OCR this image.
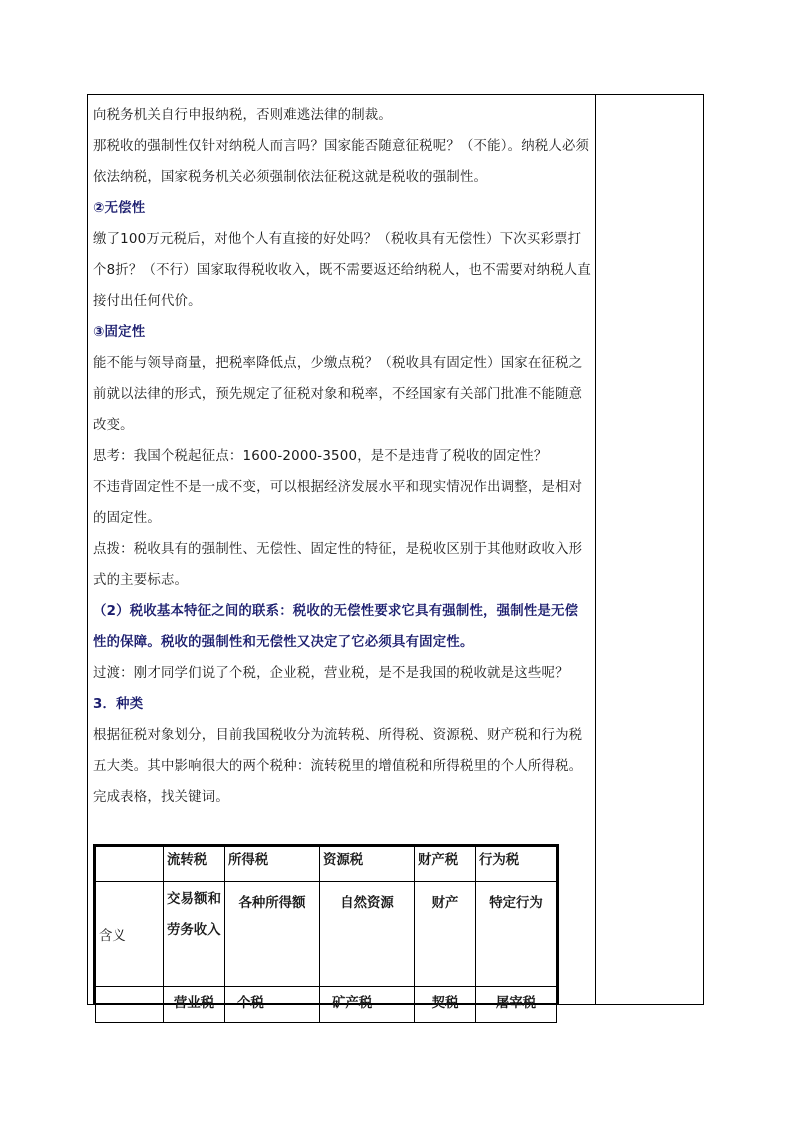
向税务机关自行申报纳税，否则难逃法律的制裁。

那税收的强制性仅针对纳税人而言吗？国家能否随意征税呢？（不能）。纳税人必须依法纳税，国家税务机关必须强制依法征税这就是税收的强制性。

②无偿性

缴了100万元税后，对他个人有直接的好处吗？（税收具有无偿性）下次买彩票打个8折？（不行）国家取得税收收入，既不需要返还给纳税人，也不需要对纳税人直接付出任何代价。

③固定性

能不能与领导商量，把税率降低点，少缴点税？（税收具有固定性）国家在征税之前就以法律的形式，预先规定了征税对象和税率，不经国家有关部门批准不能随意改变。

思考：我国个税起征点：1600-2000-3500，是不是违背了税收的固定性？

不违背固定性不是一成不变，可以根据经济发展水平和现实情况作出调整，是相对的固定性。

点拨：税收具有的强制性、无偿性、固定性的特征，是税收区别于其他财政收入形式的主要标志。

（2）税收基本特征之间的联系：税收的无偿性要求它具有强制性，强制性是无偿性的保障。税收的强制性和无偿性又决定了它必须具有固定性。

过渡：刚才同学们说了个税，企业税，营业税，是不是我国的税收就是这些呢？

3．种类

根据征税对象划分，目前我国税收分为流转税、所得税、资源税、财产税和行为税五大类。其中影响很大的两个税种：流转税里的增值税和所得税里的个人所得税。

完成表格，找关键词。

	流转税	所得税	资源税	财产税	行为税
含义	交易额和劳务收入	各种所得额	自然资源	财产	特定行为
	营业税	个税	矿产税	契税	屠宰税
